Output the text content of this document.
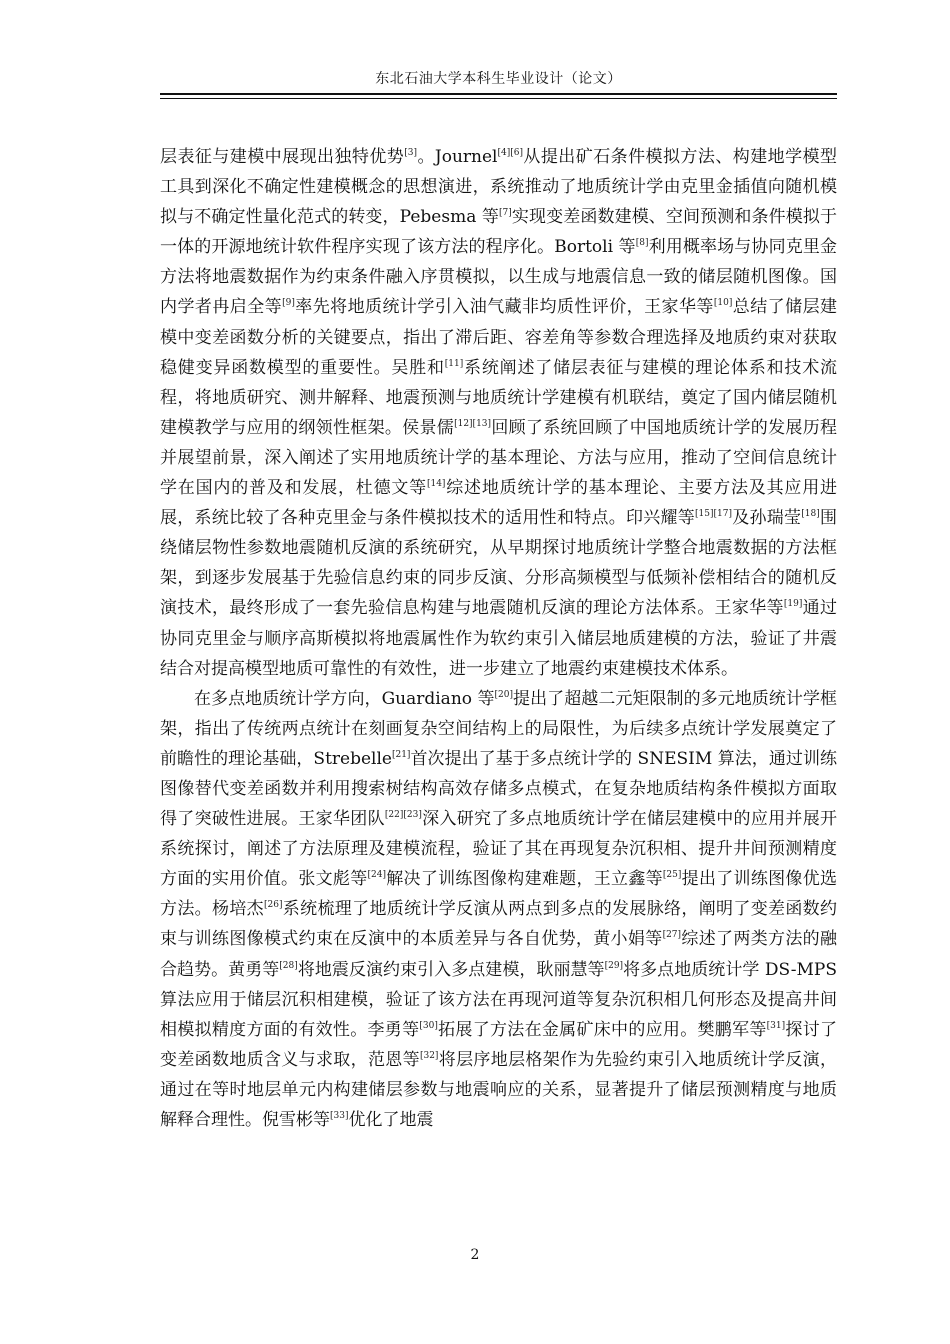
东北石油大学本科生毕业设计（论文）

层表征与建模中展现出独特优势[3]。Journel[4][6]从提出矿石条件模拟方法、构建地学模型工具到深化不确定性建模概念的思想演进，系统推动了地质统计学由克里金插值向随机模拟与不确定性量化范式的转变，Pebesma 等[7]实现变差函数建模、空间预测和条件模拟于一体的开源地统计软件程序实现了该方法的程序化。Bortoli 等[8]利用概率场与协同克里金方法将地震数据作为约束条件融入序贯模拟，以生成与地震信息一致的储层随机图像。国内学者冉启全等[9]率先将地质统计学引入油气藏非均质性评价，王家华等[10]总结了储层建模中变差函数分析的关键要点，指出了滞后距、容差角等参数合理选择及地质约束对获取稳健变异函数模型的重要性。吴胜和[11]系统阐述了储层表征与建模的理论体系和技术流程，将地质研究、测井解释、地震预测与地质统计学建模有机联结，奠定了国内储层随机建模教学与应用的纲领性框架。侯景儒[12][13]回顾了系统回顾了中国地质统计学的发展历程并展望前景，深入阐述了实用地质统计学的基本理论、方法与应用，推动了空间信息统计学在国内的普及和发展，杜德文等[14]综述地质统计学的基本理论、主要方法及其应用进展，系统比较了各种克里金与条件模拟技术的适用性和特点。印兴耀等[15][17]及孙瑞莹[18]围绕储层物性参数地震随机反演的系统研究，从早期探讨地质统计学整合地震数据的方法框架，到逐步发展基于先验信息约束的同步反演、分形高频模型与低频补偿相结合的随机反演技术，最终形成了一套先验信息构建与地震随机反演的理论方法体系。王家华等[19]通过协同克里金与顺序高斯模拟将地震属性作为软约束引入储层地质建模的方法，验证了井震结合对提高模型地质可靠性的有效性，进一步建立了地震约束建模技术体系。

在多点地质统计学方向，Guardiano 等[20]提出了超越二元矩限制的多元地质统计学框架，指出了传统两点统计在刻画复杂空间结构上的局限性，为后续多点统计学发展奠定了前瞻性的理论基础，Strebelle[21]首次提出了基于多点统计学的 SNESIM 算法，通过训练图像替代变差函数并利用搜索树结构高效存储多点模式，在复杂地质结构条件模拟方面取得了突破性进展。王家华团队[22][23]深入研究了多点地质统计学在储层建模中的应用并展开系统探讨，阐述了方法原理及建模流程，验证了其在再现复杂沉积相、提升井间预测精度方面的实用价值。张文彪等[24]解决了训练图像构建难题，王立鑫等[25]提出了训练图像优选方法。杨培杰[26]系统梳理了地质统计学反演从两点到多点的发展脉络，阐明了变差函数约束与训练图像模式约束在反演中的本质差异与各自优势，黄小娟等[27]综述了两类方法的融合趋势。黄勇等[28]将地震反演约束引入多点建模，耿丽慧等[29]将多点地质统计学 DS-MPS 算法应用于储层沉积相建模，验证了该方法在再现河道等复杂沉积相几何形态及提高井间相模拟精度方面的有效性。李勇等[30]拓展了方法在金属矿床中的应用。樊鹏军等[31]探讨了变差函数地质含义与求取，范恩等[32]将层序地层格架作为先验约束引入地质统计学反演，通过在等时地层单元内构建储层参数与地震响应的关系，显著提升了储层预测精度与地质解释合理性。倪雪彬等[33]优化了地震

2
